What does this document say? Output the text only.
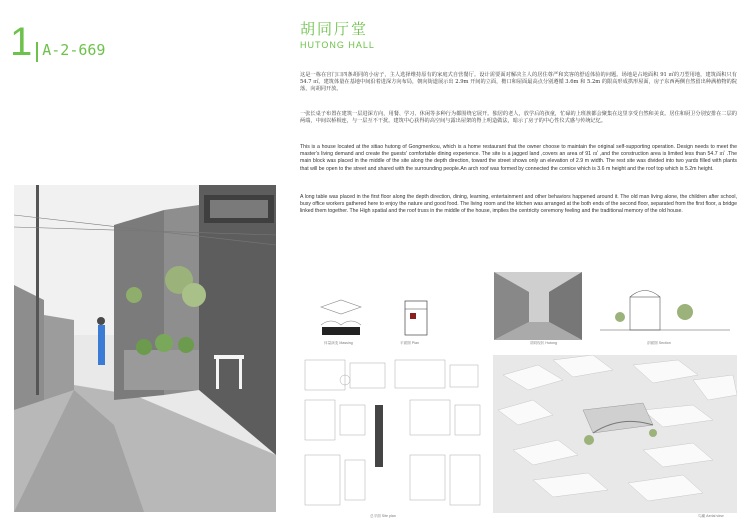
1 A-2-669
胡同厅堂
HUTONG HALL

这是一栋在宫门口四条胡同的小房子，主人选择维持原有的家庭式自营餐厅。设计需要面对解决主人的居住尊严和宾客的舒适体验的问题。场地是占地面积 91 ㎡的刀型用地，建筑面积只有 54.7 ㎡。建筑体量在基地中间沿着进深方向布局，朝向街道展示出 2.9m 开间的立面，檐口和屋面最高点分别遵循 3.6m 和 5.2m 的限高形成拱形屋面，房子东西两侧自然留出种满植物的院落，向胡同开放。

一张长桌子布置在建筑一层进深方向，用餐、学习、休闲等多种行为都围绕它展开。独居的老人，放学后的孩童，忙碌的上班族都会聚集在这里享受自然和美食。居住和厨卫分别安排在二层的两端，中间以桥相连，与一层互不干扰。建筑中心获得的高空间与露出屋架的脊上明造做法，暗示了房子的中心性仪式感与传统记忆。

This is a house located at the sitiao hutong of Gongmenkou, which is a home restaurant that the owner choose to maintain the original self-supporting operation. Design needs to meet the master's living demand and create the guests' comfortable dining experience. The site is a jagged land ,covers an area of 91 ㎡ ,and the construction area is limited less than 54.7 ㎡ .The main block was placed in the middle of the site along the depth direction, toward the street shows only an elevation of 2.9 m width. The rest site was divided into two yards filled with plants that will be open to the street and shared with the surrounding people.An arch roof was formed by connected the cornice which is 3.6 m height and the roof top which is 5.2m height.

A long table was placed in the first floor along the depth direction, dining, learning, entertainment and other behaviors happened around it. The old man living alone, the children after school, busy office workers gathered here to enjoy the nature and good food. The living room and the kitchen was arranged at the both ends of the second floor, separated from the first floor, a bridge linked them together. The High spatial and the roof truss in the middle of the house, implies the centricity ceremony feeling and the traditional memory of the old house.

体量演变 Massing	平面图 Plan	胡同现状 Hutong	剖面图 Section
总平面 Site plan	鸟瞰 Aerial view
